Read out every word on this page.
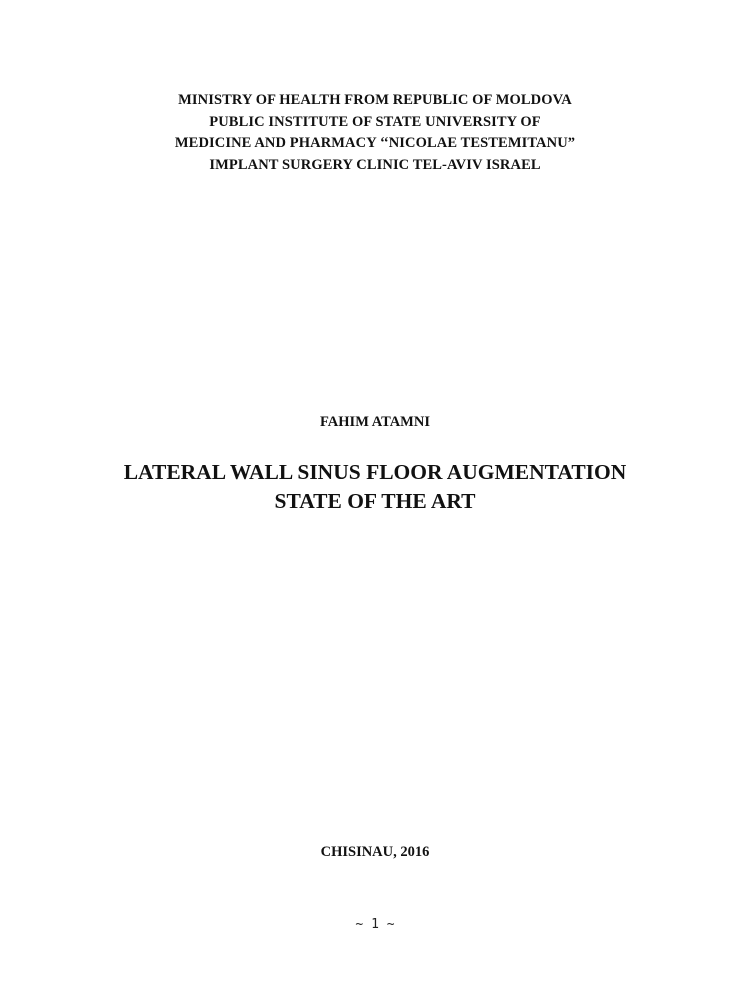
MINISTRY OF HEALTH FROM REPUBLIC OF MOLDOVA
PUBLIC INSTITUTE OF STATE UNIVERSITY OF
MEDICINE AND PHARMACY ‘‘NICOLAE TESTEMITANU”
IMPLANT SURGERY CLINIC TEL-AVIV ISRAEL
FAHIM ATAMNI
LATERAL WALL SINUS FLOOR AUGMENTATION
STATE OF THE ART
CHISINAU, 2016
~ 1 ~
